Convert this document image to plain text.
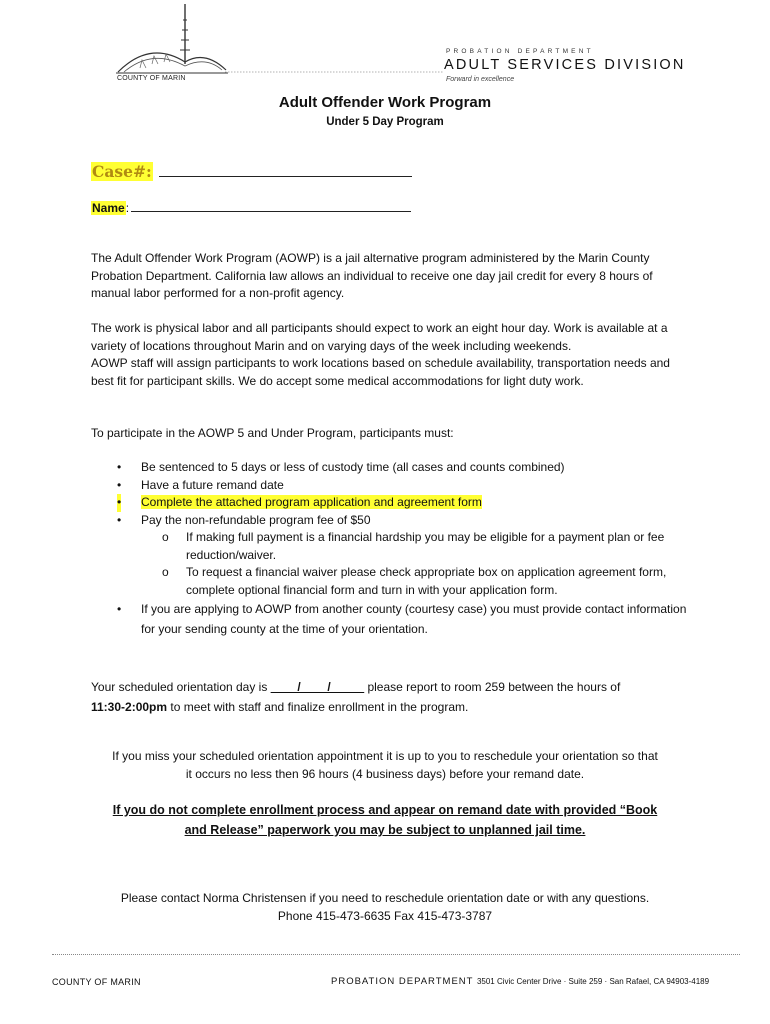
COUNTY OF MARIN
PROBATION DEPARTMENT
ADULT SERVICES DIVISION
Forward in excellence
Adult Offender Work Program
Under 5 Day Program
Case#:
Name:
The Adult Offender Work Program (AOWP) is a jail alternative program administered by the Marin County Probation Department. California law allows an individual to receive one day jail credit for every 8 hours of manual labor performed for a non-profit agency.
The work is physical labor and all participants should expect to work an eight hour day. Work is available at a variety of locations throughout Marin and on varying days of the week including weekends.
AOWP staff will assign participants to work locations based on schedule availability, transportation needs and best fit for participant skills. We do accept some medical accommodations for light duty work.
To participate in the AOWP 5 and Under Program, participants must:
• Be sentenced to 5 days or less of custody time (all cases and counts combined)
• Have a future remand date
• Complete the attached program application and agreement form
• Pay the non-refundable program fee of $50
o If making full payment is a financial hardship you may be eligible for a payment plan or fee reduction/waiver.
o To request a financial waiver please check appropriate box on application agreement form, complete optional financial form and turn in with your application form.
• If you are applying to AOWP from another county (courtesy case) you must provide contact information for your sending county at the time of your orientation.
Your scheduled orientation day is ____/____/_____ please report to room 259 between the hours of
11:30-2:00pm to meet with staff and finalize enrollment in the program.
If you miss your scheduled orientation appointment it is up to you to reschedule your orientation so that
it occurs no less then 96 hours (4 business days) before your remand date.
If you do not complete enrollment process and appear on remand date with provided “Book
and Release” paperwork you may be subject to unplanned jail time.
Please contact Norma Christensen if you need to reschedule orientation date or with any questions.
Phone 415-473-6635 Fax 415-473-3787
COUNTY OF MARIN	PROBATION DEPARTMENT 3501 Civic Center Drive · Suite 259 · San Rafael, CA 94903-4189
